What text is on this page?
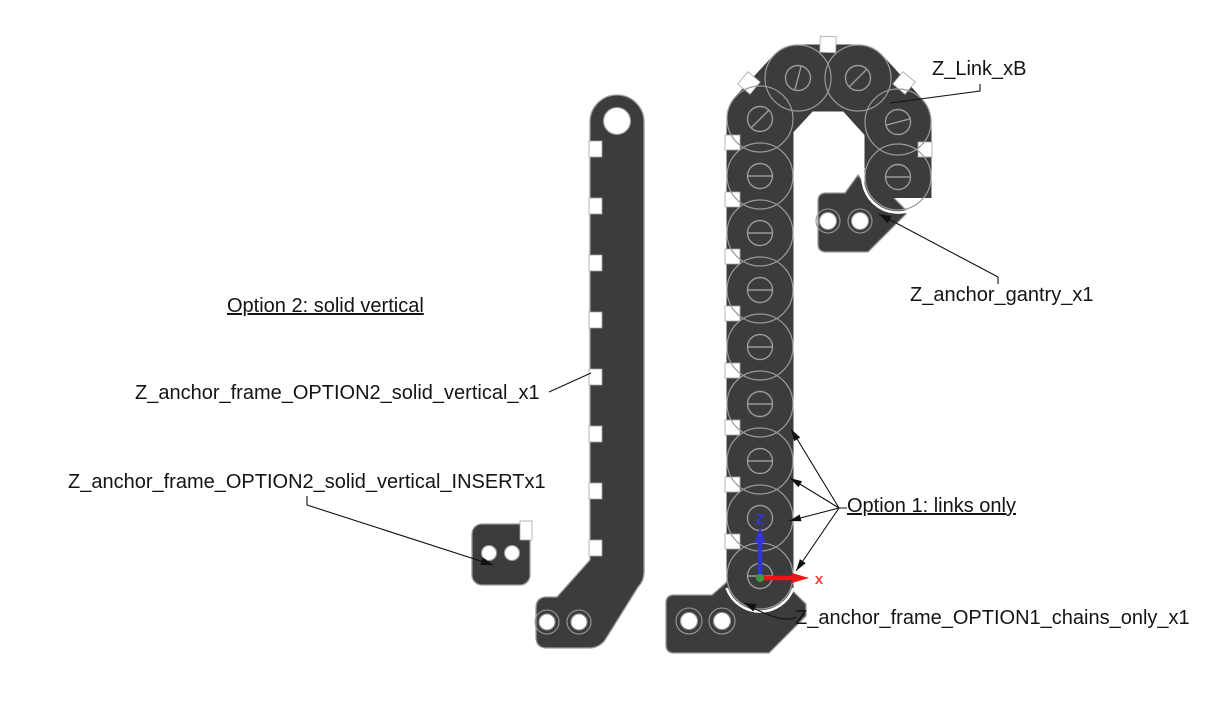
Z
x
Z_Link_xB
Z_anchor_gantry_x1
Option 2: solid vertical
Z_anchor_frame_OPTION2_solid_vertical_x1
Z_anchor_frame_OPTION2_solid_vertical_INSERTx1
Option 1: links only
Z_anchor_frame_OPTION1_chains_only_x1
